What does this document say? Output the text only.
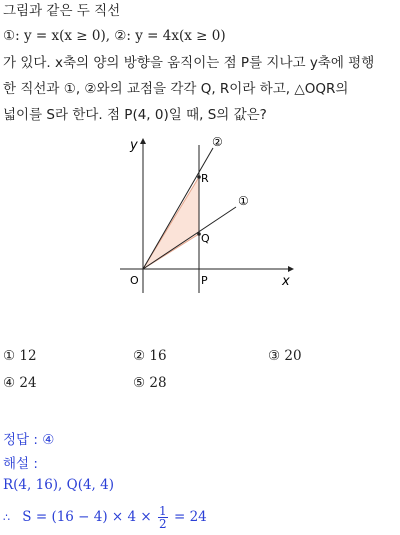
그림과 같은 두 직선
①: y = x(x ≥ 0), ②: y = 4x(x ≥ 0)
가 있다. x축의 양의 방향을 움직이는 점 P를 지나고 y축에 평행
한 직선과 ①, ②와의 교점을 각각 Q, R이라 하고, △OQR의
넓이를 S라 한다. 점 P(4, 0)일 때, S의 값은?
y
x
O	P
Q
R
①
②
① 12	② 16	③ 20
④ 24	⑤ 28
정답 : ④
해설 :
R(4, 16), Q(4, 4)
∴ $S = (16 - 4) \times 4 \times \frac{1}{2} = 24$
